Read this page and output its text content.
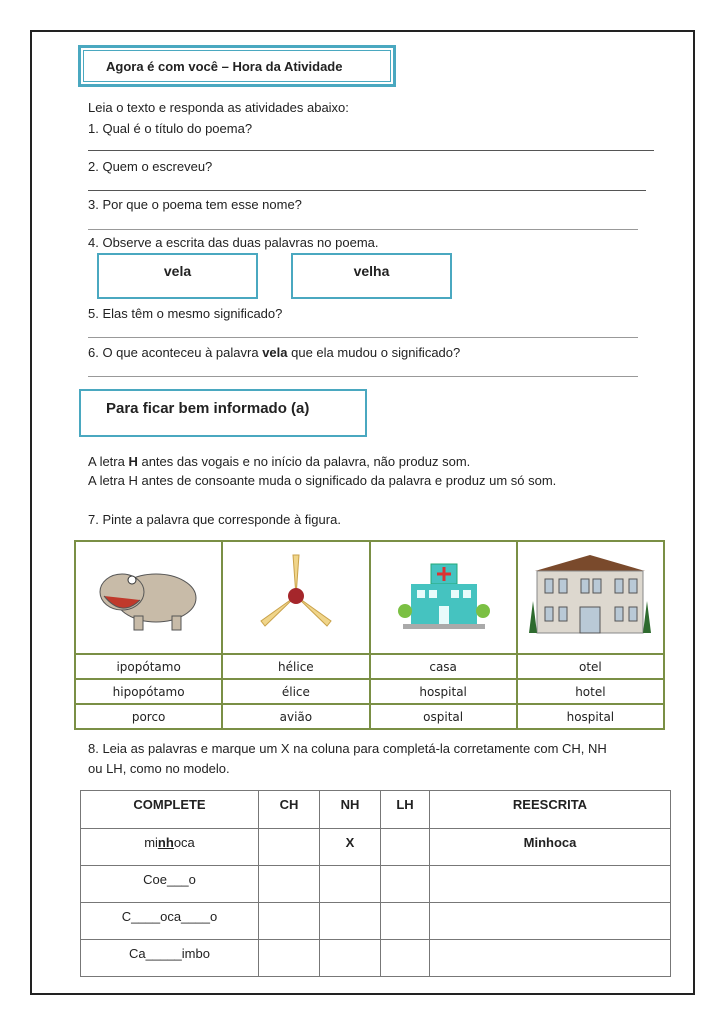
Agora é com você – Hora da Atividade
Leia o texto e responda as atividades abaixo:
1. Qual é o título do poema?
2. Quem o escreveu?
3. Por que o poema tem esse nome?
4. Observe a escrita das duas palavras no poema.
vela	velha
5. Elas têm o mesmo significado?
6. O que aconteceu à palavra vela que ela mudou o significado?
Para ficar bem informado (a)
A letra H antes das vogais e no início da palavra, não produz som.
A letra H antes de consoante muda o significado da palavra e produz um só som.
7. Pinte a palavra que corresponde à figura.

ipopótamo	hélice	casa	otel
hipopótamo	élice	hospital	hotel
porco	avião	ospital	hospital
8. Leia as palavras e marque um X na coluna para completá-la corretamente com CH, NH
ou LH, como no modelo.
COMPLETE	CH	NH	LH	REESCRITA
minhoca		X		Minhoca
Coe___o				
C____oca____o				
Ca_____imbo				
